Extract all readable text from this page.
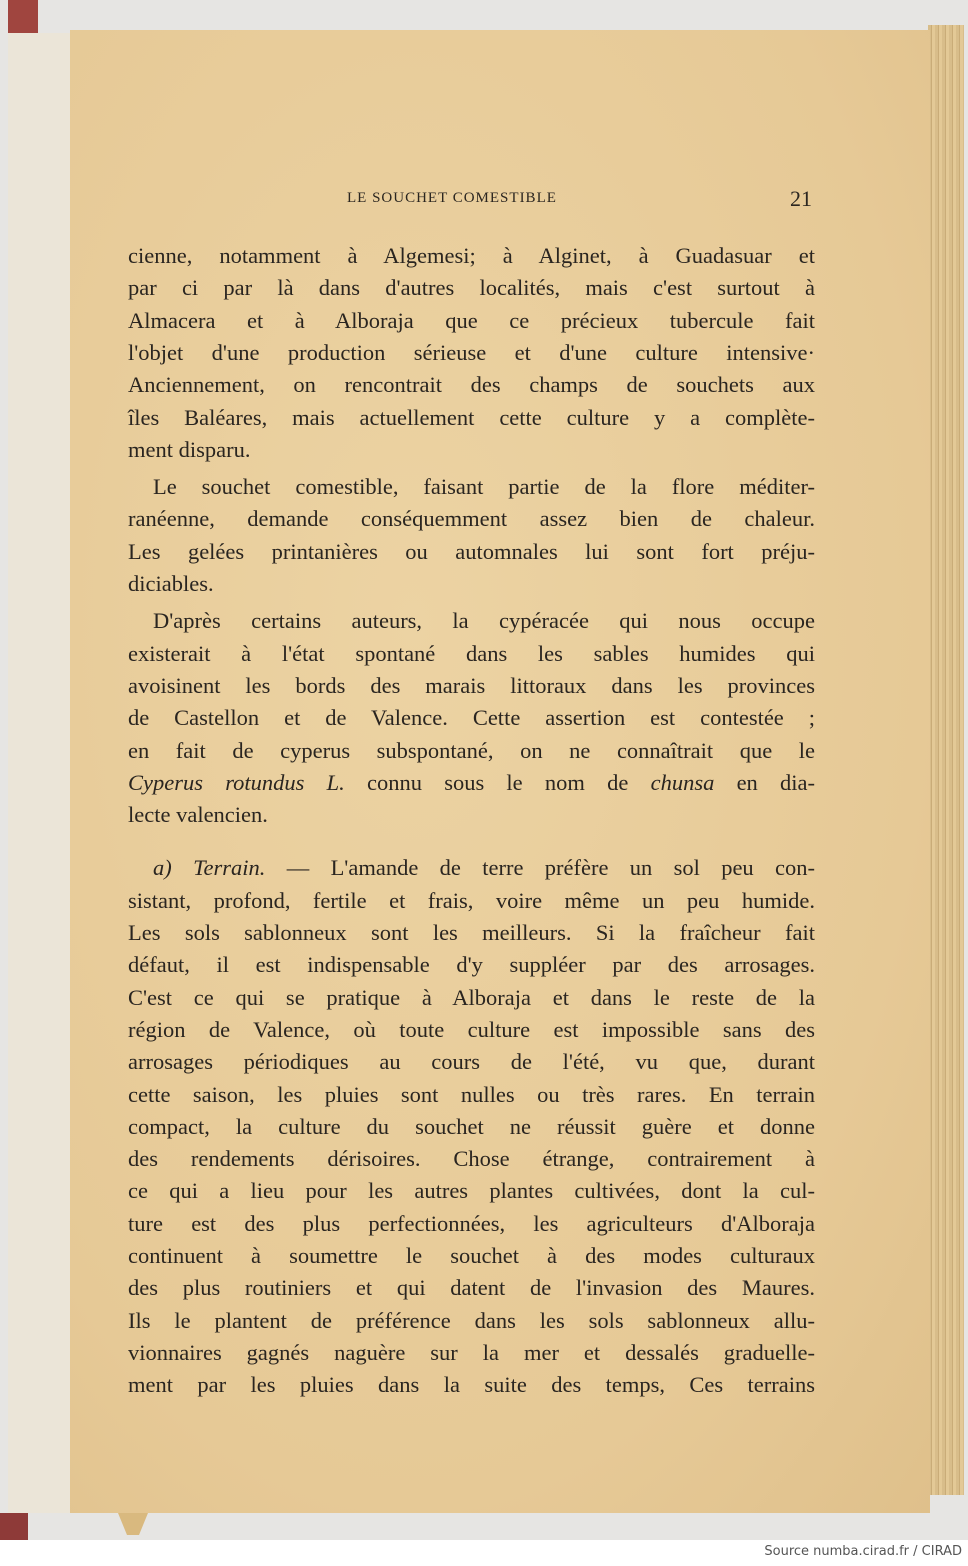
LE SOUCHET COMESTIBLE	21
cienne, notamment à Algemesi; à Alginet, à Guadasuar et
par ci par là dans d'autres localités, mais c'est surtout à
Almacera et à Alboraja que ce précieux tubercule fait
l'objet d'une production sérieuse et d'une culture intensive·
Anciennement, on rencontrait des champs de souchets aux
îles Baléares, mais actuellement cette culture y a complète-
ment disparu.
Le souchet comestible, faisant partie de la flore méditer-
ranéenne, demande conséquemment assez bien de chaleur.
Les gelées printanières ou automnales lui sont fort préju-
diciables.
D'après certains auteurs, la cypéracée qui nous occupe
existerait à l'état spontané dans les sables humides qui
avoisinent les bords des marais littoraux dans les provinces
de Castellon et de Valence. Cette assertion est contestée ;
en fait de cyperus subspontané, on ne connaîtrait que le
Cyperus rotundus L. connu sous le nom de chunsa en dia-
lecte valencien.
a) Terrain. — L'amande de terre préfère un sol peu con-
sistant, profond, fertile et frais, voire même un peu humide.
Les sols sablonneux sont les meilleurs. Si la fraîcheur fait
défaut, il est indispensable d'y suppléer par des arrosages.
C'est ce qui se pratique à Alboraja et dans le reste de la
région de Valence, où toute culture est impossible sans des
arrosages périodiques au cours de l'été, vu que, durant
cette saison, les pluies sont nulles ou très rares. En terrain
compact, la culture du souchet ne réussit guère et donne
des rendements dérisoires. Chose étrange, contrairement à
ce qui a lieu pour les autres plantes cultivées, dont la cul-
ture est des plus perfectionnées, les agriculteurs d'Alboraja
continuent à soumettre le souchet à des modes culturaux
des plus routiniers et qui datent de l'invasion des Maures.
Ils le plantent de préférence dans les sols sablonneux allu-
vionnaires gagnés naguère sur la mer et dessalés graduelle-
ment par les pluies dans la suite des temps, Ces terrains
Source numba.cirad.fr / CIRAD
